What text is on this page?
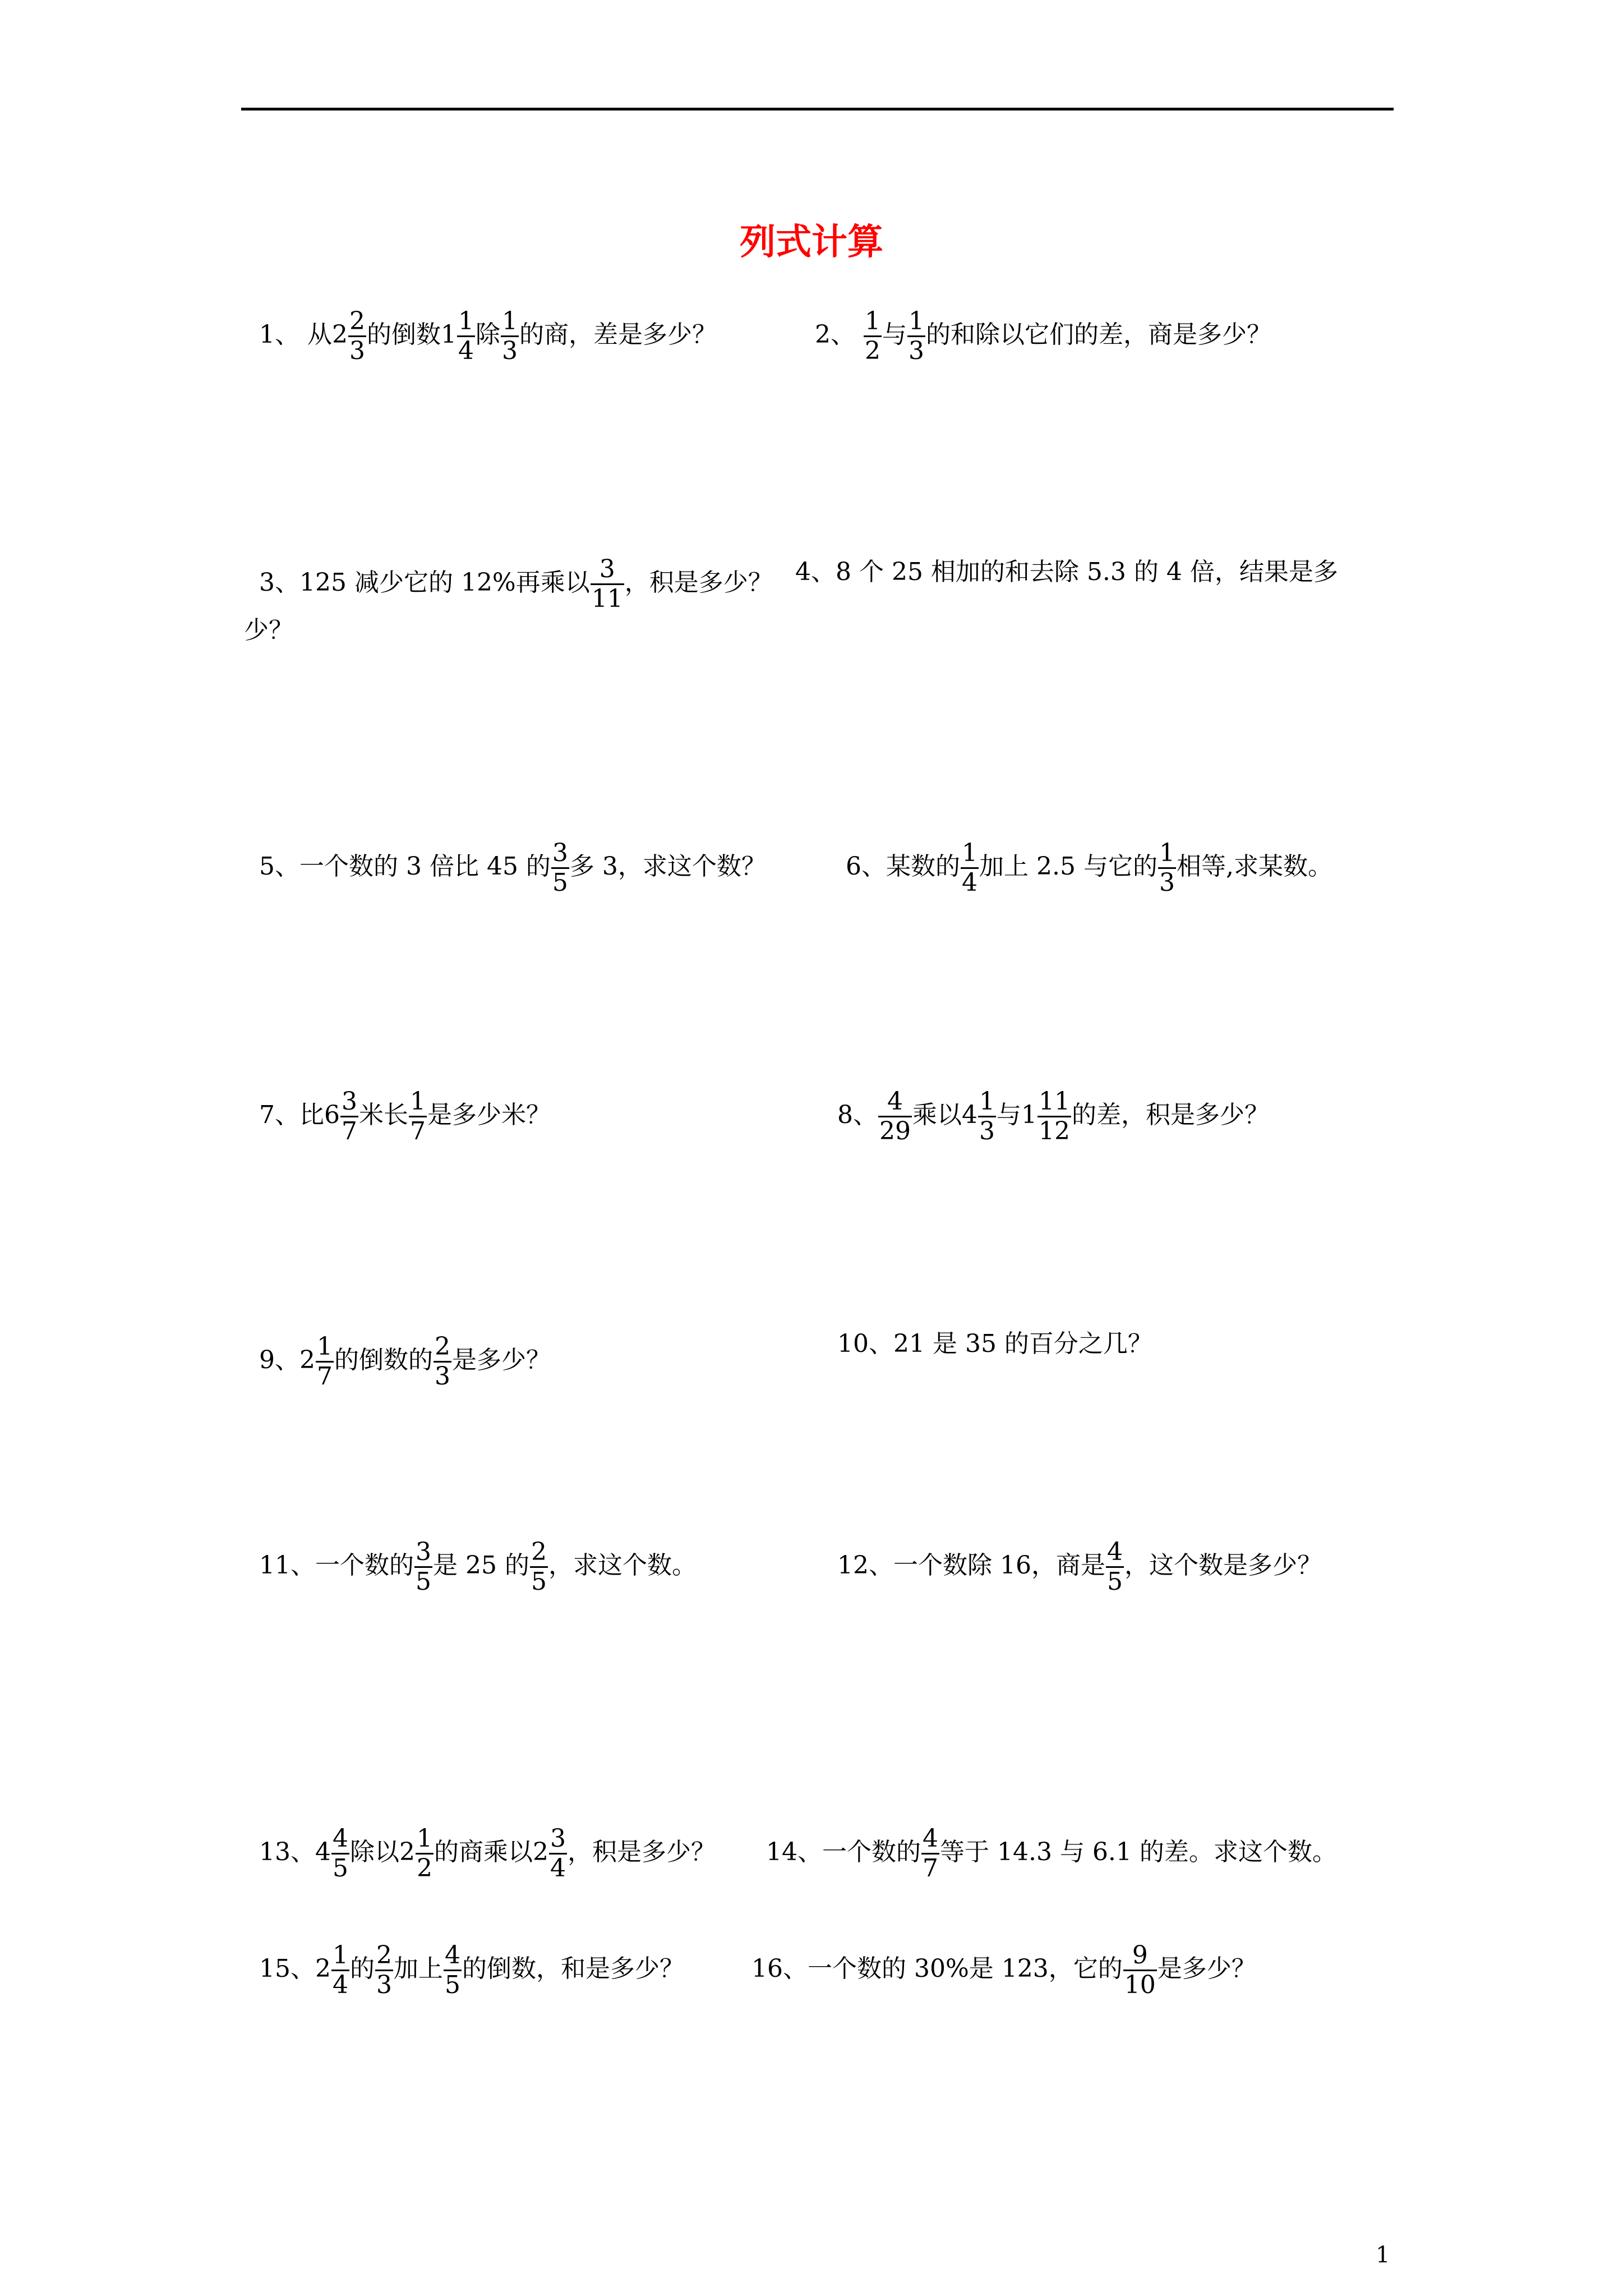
列式计算
1、 从$2 \frac{2}{3}$ 的倒数$1 \frac{1}{4}$ 除 $\frac{1}{3}$ 的商，差是多少？	2、 $\frac{1}{2}$ 与 $\frac{1}{3}$ 的和除以它们的差，商是多少？
3、125 减少它的 12%再乘以 $\frac{3}{11}$ ，积是多少？ 4、8 个 25 相加的和去除 5.3 的 4 倍，结果是多
少？
5、一个数的 3 倍比 45 的 $\frac{3}{5}$ 多 3，求这个数？	6、某数的 $\frac{1}{4}$ 加上 2.5 与它的 $\frac{1}{3}$ 相等,求某数。
7、比$6 \frac{3}{7}$ 米长 $\frac{1}{7}$ 是多少米？	8、 $\frac{4}{29}$ 乘以$4 \frac{1}{3}$ 与$1 \frac{11}{12}$ 的差，积是多少？
9、$2 \frac{1}{7}$ 的倒数的 $\frac{2}{3}$ 是多少？
10、21 是 35 的百分之几？
11、一个数的 $\frac{3}{5}$ 是 25 的 $\frac{2}{5}$ ，求这个数。	12、一个数除 16，商是 $\frac{4}{5}$ ，这个数是多少？
13、$4 \frac{4}{5}$ 除以$2 \frac{1}{2}$ 的商乘以$2 \frac{3}{4}$ ，积是多少？ 14、一个数的 $\frac{4}{7}$ 等于 14.3 与 6.1 的差。求这个数。
15、$2 \frac{1}{4}$ 的 $\frac{2}{3}$ 加上 $\frac{4}{5}$ 的倒数，和是多少？	16、一个数的 30%是 123，它的 $\frac{9}{10}$ 是多少？
1
